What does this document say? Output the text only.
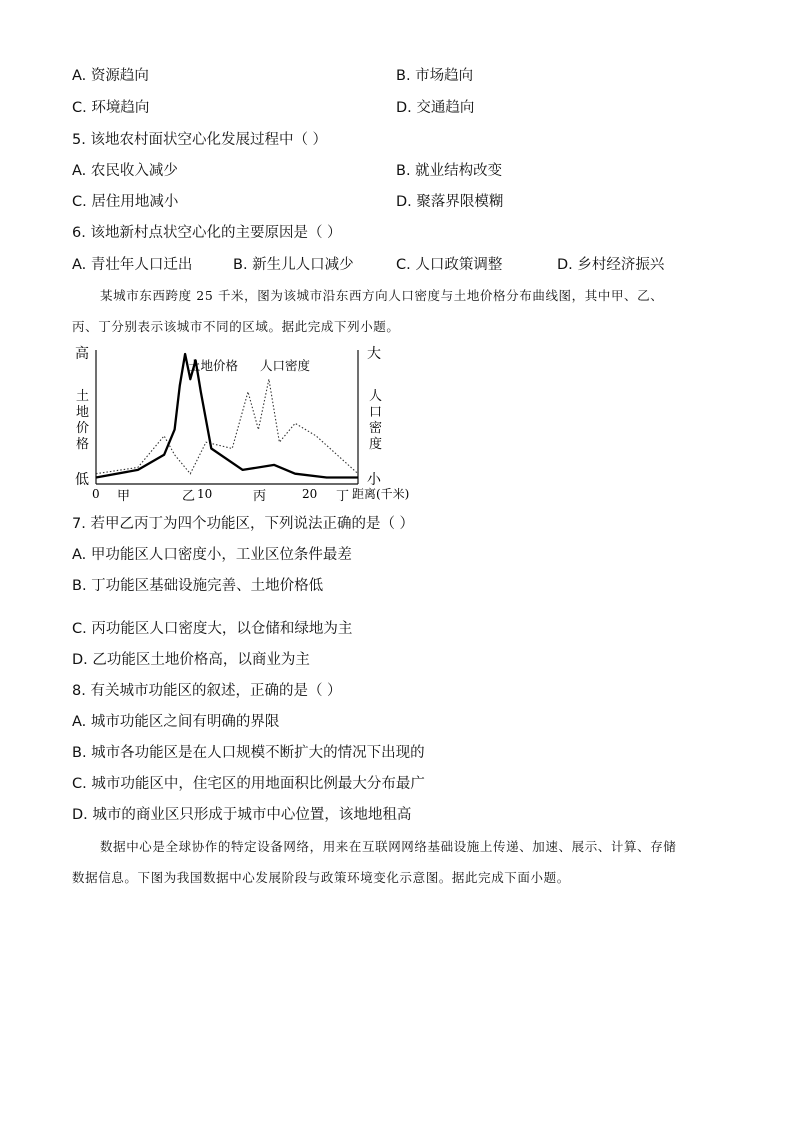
A. 资源趋向	B. 市场趋向
C. 环境趋向	D. 交通趋向
5. 该地农村面状空心化发展过程中（ ）
A. 农民收入减少	B. 就业结构改变
C. 居住用地减小	D. 聚落界限模糊
6. 该地新村点状空心化的主要原因是（ ）
A. 青壮年人口迁出	B. 新生儿人口减少	C. 人口政策调整	D. 乡村经济振兴
某城市东西跨度 25 千米，图为该城市沿东西方向人口密度与土地价格分布曲线图，其中甲、乙、
丙、丁分别表示该城市不同的区域。据此完成下列小题。
高
土
地
价
格
低
大
人
口
密
度
小
土地价格 人口密度
0	10	20
甲	乙	丙	丁 距离(千米)
7. 若甲乙丙丁为四个功能区，下列说法正确的是（ ）
A. 甲功能区人口密度小，工业区位条件最差
B. 丁功能区基础设施完善、土地价格低
C. 丙功能区人口密度大，以仓储和绿地为主
D. 乙功能区土地价格高，以商业为主
8. 有关城市功能区的叙述，正确的是（ ）
A. 城市功能区之间有明确的界限
B. 城市各功能区是在人口规模不断扩大的情况下出现的
C. 城市功能区中，住宅区的用地面积比例最大分布最广
D. 城市的商业区只形成于城市中心位置，该地地租高
数据中心是全球协作的特定设备网络，用来在互联网网络基础设施上传递、加速、展示、计算、存储
数据信息。下图为我国数据中心发展阶段与政策环境变化示意图。据此完成下面小题。
